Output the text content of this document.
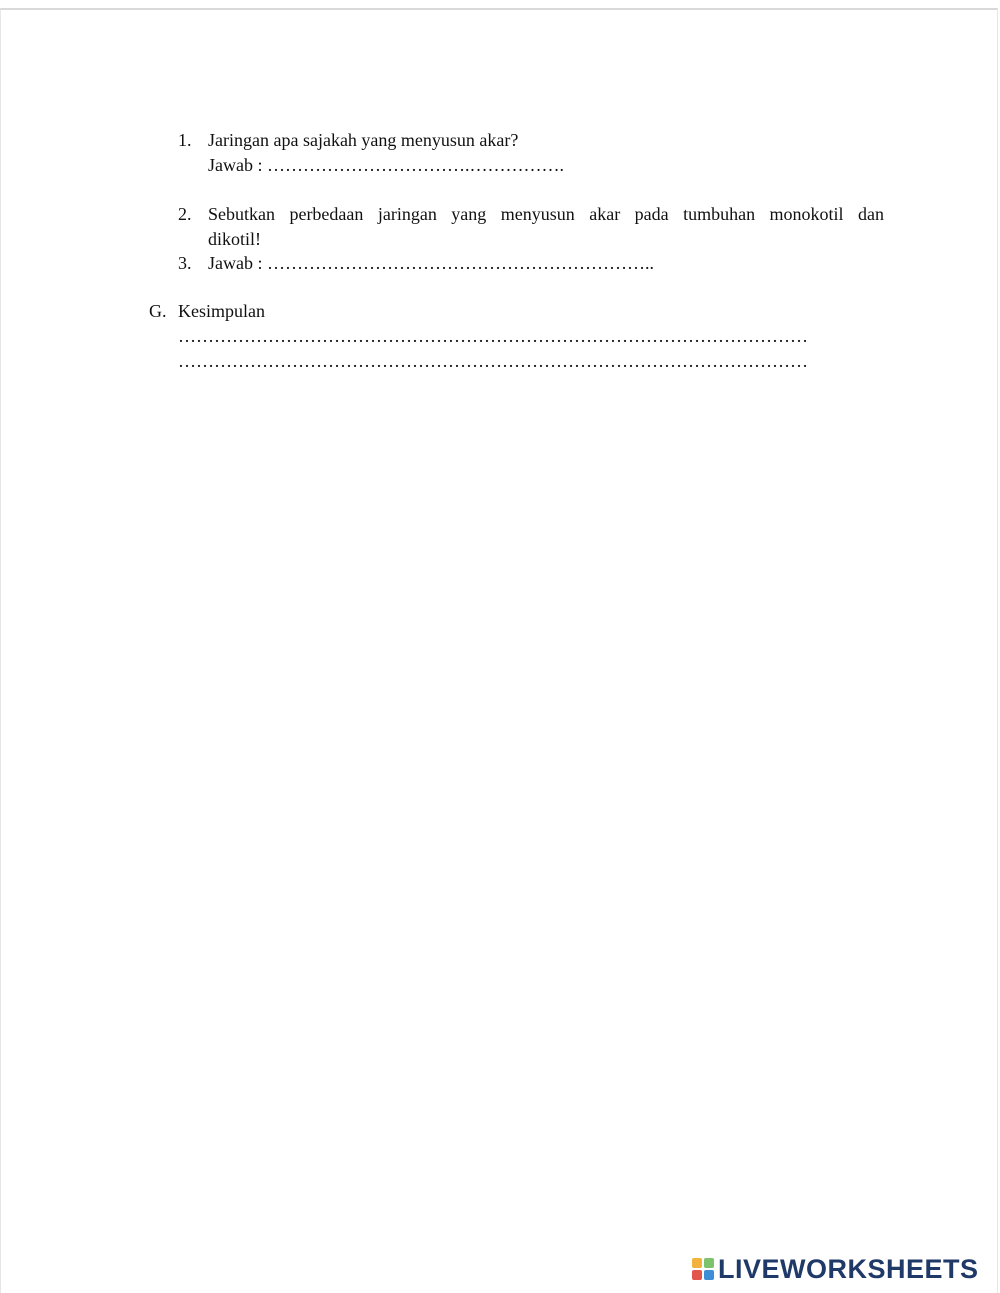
1. Jaringan apa sajakah yang menyusun akar?
Jawab : …………………………….…………….
2. Sebutkan perbedaan jaringan yang menyusun akar pada tumbuhan monokotil dan
dikotil!
3. Jawab : ………………………………………………………..
G. Kesimpulan
……………………………………………………………………………………………
……………………………………………………………………………………………
LIVEWORKSHEETS
